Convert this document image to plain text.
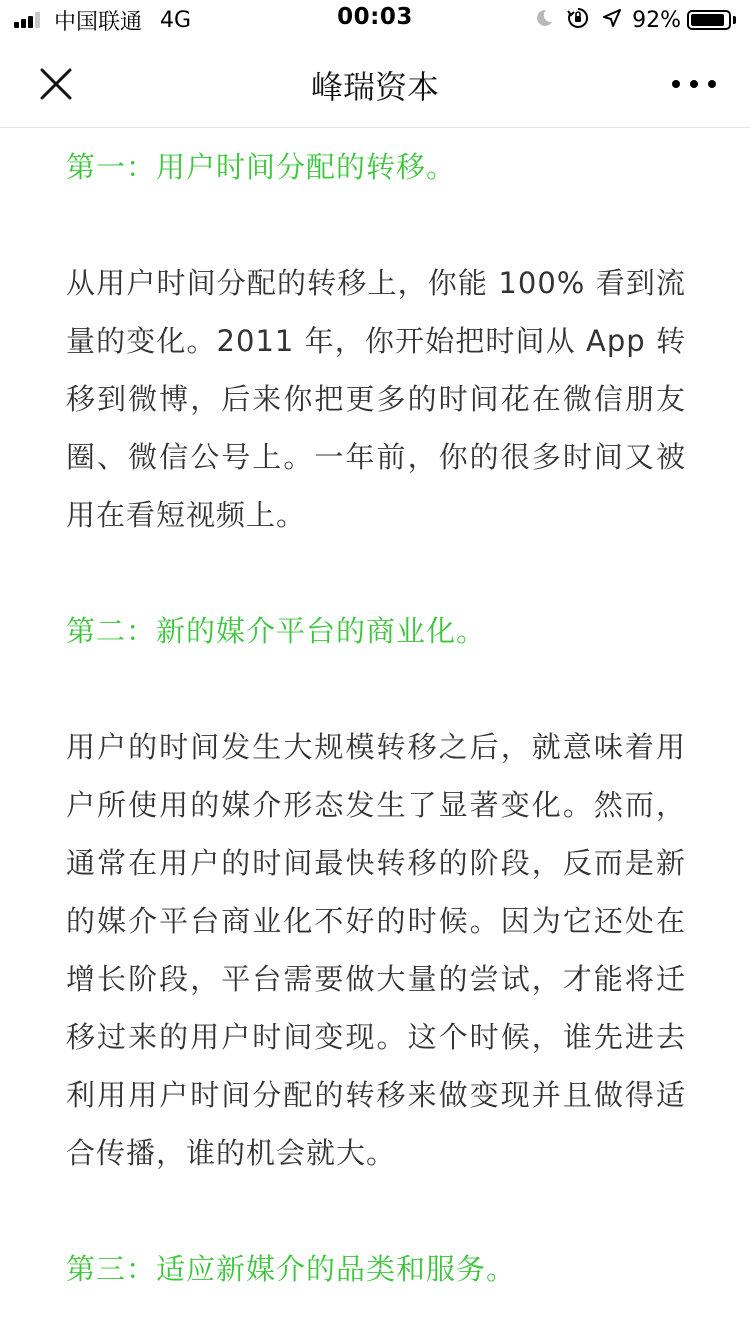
中国联通 4G	00:03	92%
峰瑞资本

第一：用户时间分配的转移。

从用户时间分配的转移上，你能 100% 看到流量的变化。2011 年，你开始把时间从 App 转移到微博，后来你把更多的时间花在微信朋友圈、微信公号上。一年前，你的很多时间又被用在看短视频上。

第二：新的媒介平台的商业化。

用户的时间发生大规模转移之后，就意味着用户所使用的媒介形态发生了显著变化。然而，通常在用户的时间最快转移的阶段，反而是新的媒介平台商业化不好的时候。因为它还处在增长阶段，平台需要做大量的尝试，才能将迁移过来的用户时间变现。这个时候，谁先进去利用用户时间分配的转移来做变现并且做得适合传播，谁的机会就大。

第三：适应新媒介的品类和服务。
